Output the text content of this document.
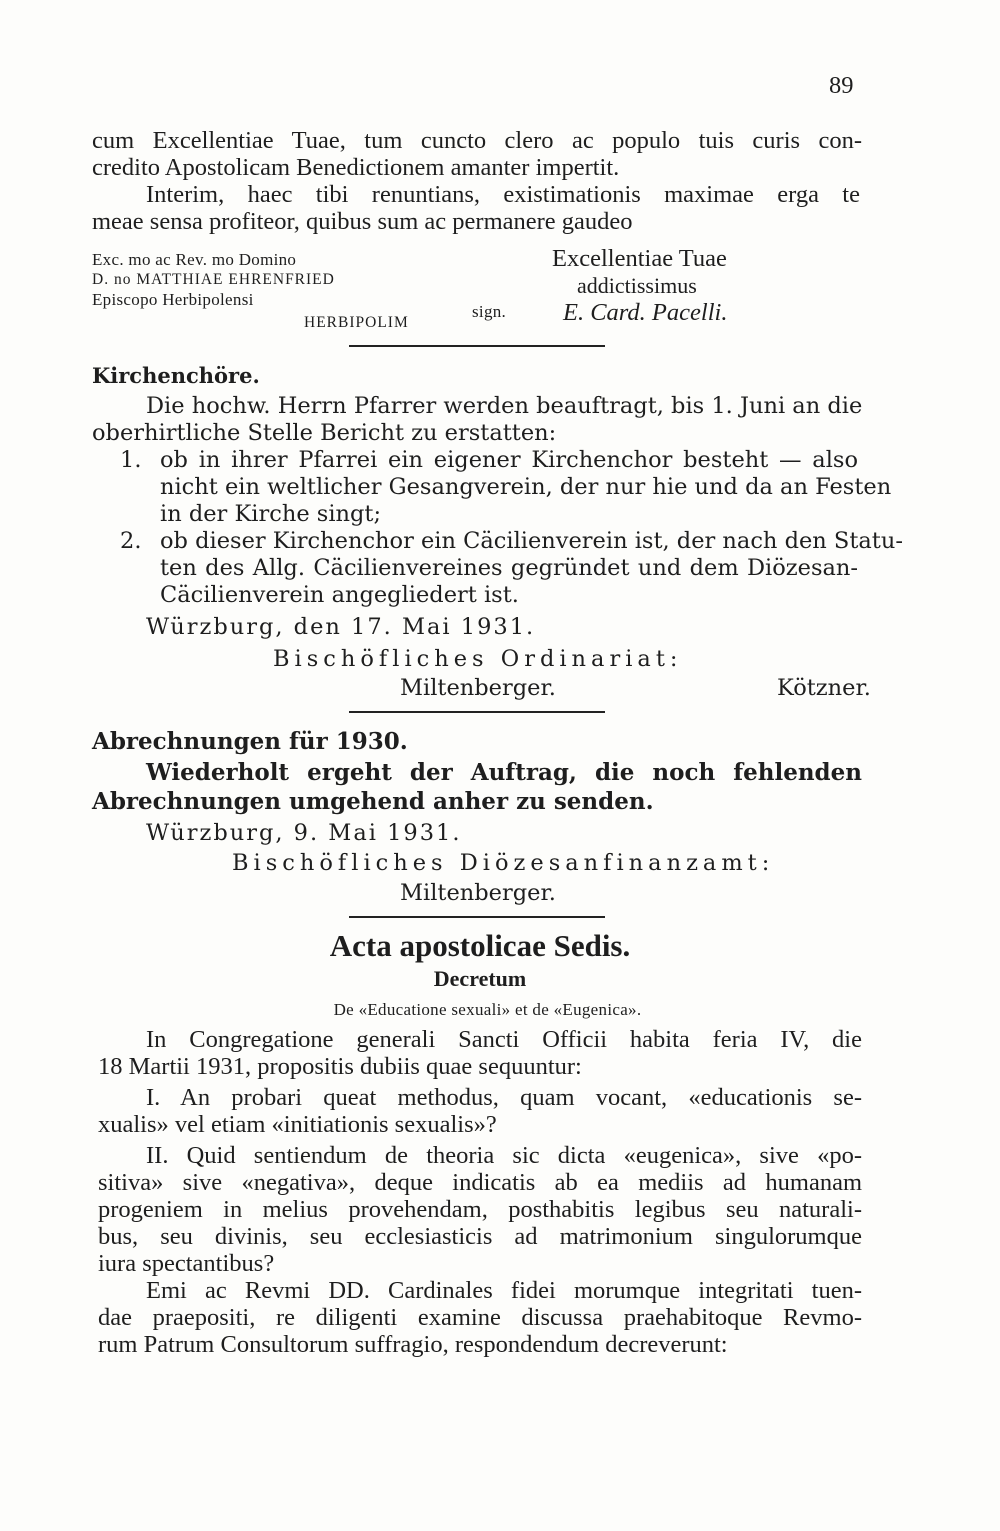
89
cum Excellentiae Tuae, tum cuncto clero ac populo tuis curis con-
credito Apostolicam Benedictionem amanter impertit.
Interim, haec tibi renuntians, existimationis maximae erga te
meae sensa profiteor, quibus sum ac permanere gaudeo
Exc. mo ac Rev. mo Domino
D. no MATTHIAE EHRENFRIED
Episcopo Herbipolensi
HERBIPOLIM
sign.
Excellentiae Tuae
addictissimus
E. Card. Pacelli.
Kirchenchöre.
Die hochw. Herrn Pfarrer werden beauftragt, bis 1. Juni an die
oberhirtliche Stelle Bericht zu erstatten:
1. ob in ihrer Pfarrei ein eigener Kirchenchor besteht — also
nicht ein weltlicher Gesangverein, der nur hie und da an Festen
in der Kirche singt;
2. ob dieser Kirchenchor ein Cäcilienverein ist, der nach den Statu-
ten des Allg. Cäcilienvereines gegründet und dem Diözesan-
Cäcilienverein angegliedert ist.
Würzburg, den 17. Mai 1931.
Bischöfliches Ordinariat:
Miltenberger.	Kötzner.
Abrechnungen für 1930.
Wiederholt ergeht der Auftrag, die noch fehlenden
Abrechnungen umgehend anher zu senden.
Würzburg, 9. Mai 1931.
Bischöfliches Diözesanfinanzamt:
Miltenberger.
Acta apostolicae Sedis.
Decretum
De «Educatione sexuali» et de «Eugenica».
In Congregatione generali Sancti Officii habita feria IV, die
18 Martii 1931, propositis dubiis quae sequuntur:
I. An probari queat methodus, quam vocant, «educationis se-
xualis» vel etiam «initiationis sexualis»?
II. Quid sentiendum de theoria sic dicta «eugenica», sive «po-
sitiva» sive «negativa», deque indicatis ab ea mediis ad humanam
progeniem in melius provehendam, posthabitis legibus seu naturali-
bus, seu divinis, seu ecclesiasticis ad matrimonium singulorumque
iura spectantibus?
Emi ac Revmi DD. Cardinales fidei morumque integritati tuen-
dae praepositi, re diligenti examine discussa praehabitoque Revmo-
rum Patrum Consultorum suffragio, respondendum decreverunt:
